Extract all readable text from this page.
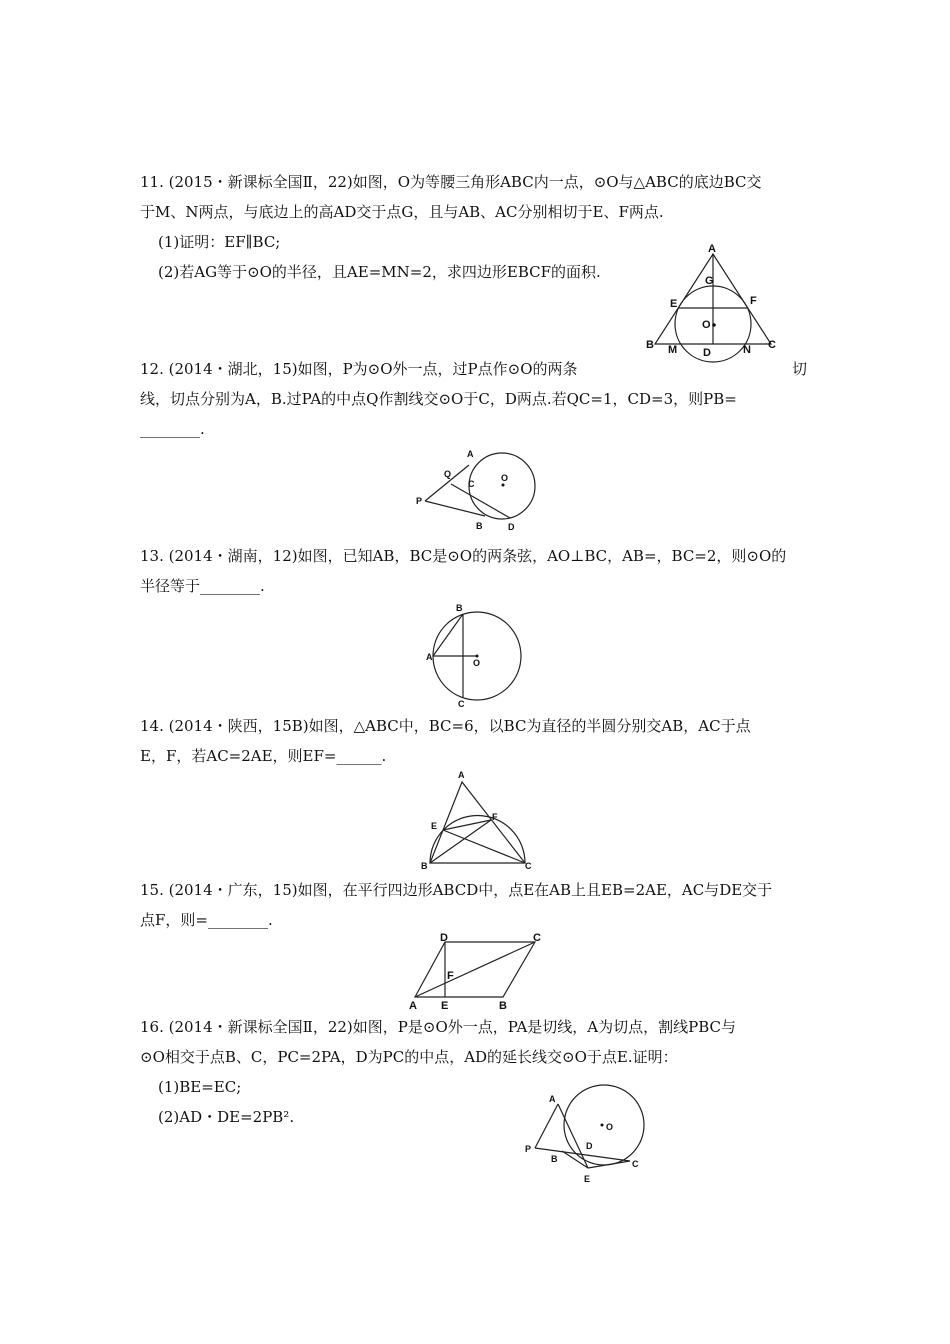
11. (2015・新课标全国Ⅱ，22)如图，O为等腰三角形ABC内一点，⊙O与△ABC的底边BC交
于M、N两点，与底边上的高AD交于点G，且与AB、AC分别相切于E、F两点.
(1)证明：EF∥BC;
(2)若AG等于⊙O的半径，且AE=MN=2，求四边形EBCF的面积.
A
B	C
D
E	F
G
M	N
O
12. (2014・湖北，15)如图，P为⊙O外一点，过P点作⊙O的两条	切
线，切点分别为A，B.过PA的中点Q作割线交⊙O于C，D两点.若QC=1，CD=3，则PB=
________.
A
B
C
D
O
P
Q
13. (2014・湖南，12)如图，已知AB，BC是⊙O的两条弦，AO⊥BC，AB=，BC=2，则⊙O的
半径等于________.
A
B
C
O
14. (2014・陕西，15B)如图，△ABC中，BC=6，以BC为直径的半圆分别交AB，AC于点
E，F，若AC=2AE，则EF=______.
A
B	C
E
F
15. (2014・广东，15)如图，在平行四边形ABCD中，点E在AB上且EB=2AE，AC与DE交于
点F，则=________.
A	B
C
D
E
F
16. (2014・新课标全国Ⅱ，22)如图，P是⊙O外一点，PA是切线，A为切点，割线PBC与
⊙O相交于点B、C，PC=2PA，D为PC的中点，AD的延长线交⊙O于点E.证明：
(1)BE=EC;
(2)AD・DE=2PB².
A
B	C
D
E
O
P
